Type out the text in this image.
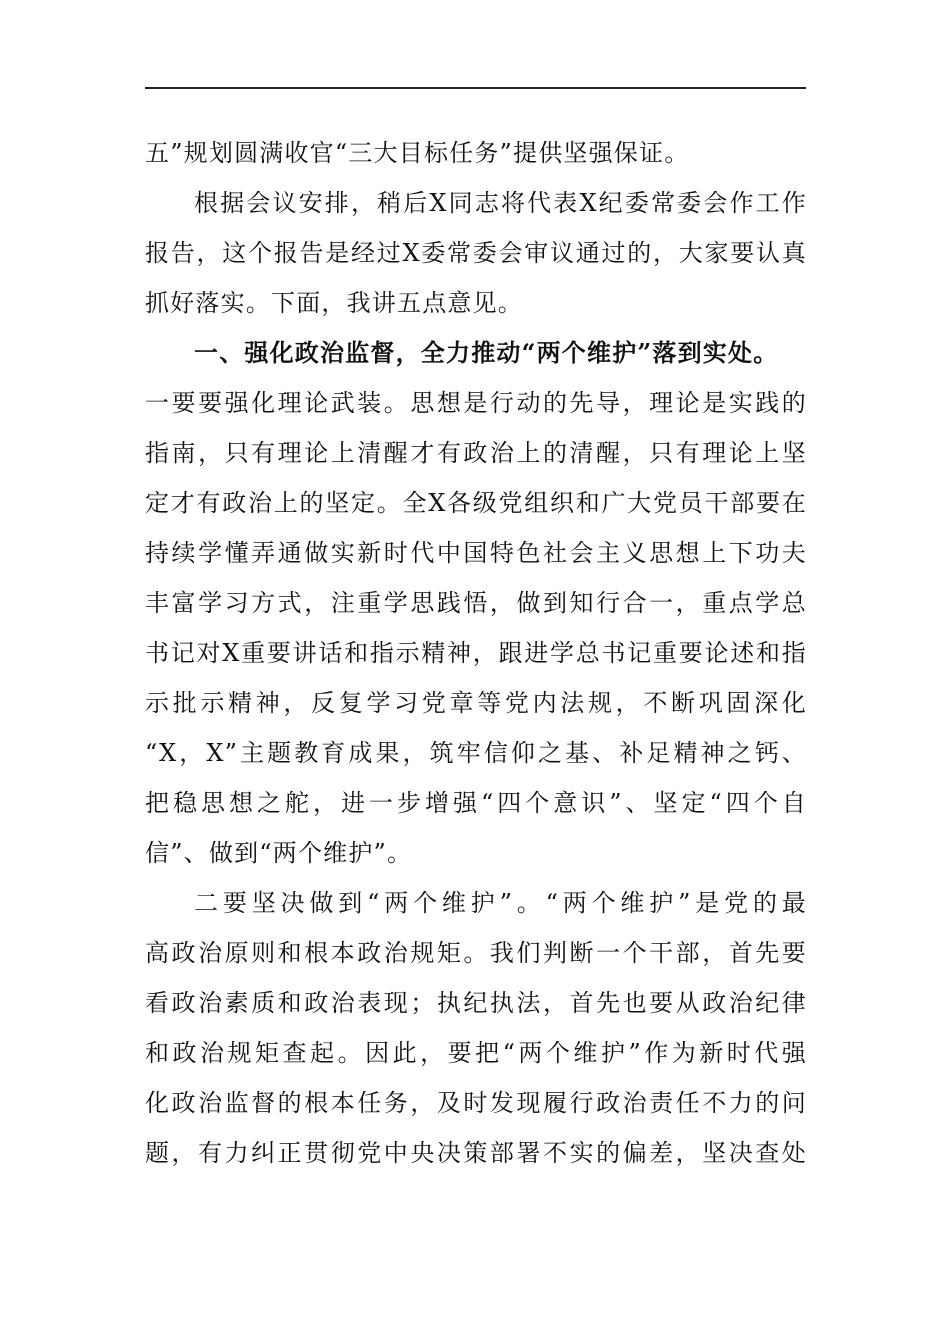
五”规划圆满收官“三大目标任务”提供坚强保证。
根据会议安排，稍后X同志将代表X纪委常委会作工作
报告，这个报告是经过X委常委会审议通过的，大家要认真
抓好落实。下面，我讲五点意见。
一、强化政治监督，全力推动“两个维护”落到实处。
一要要强化理论武装。思想是行动的先导，理论是实践的
指南，只有理论上清醒才有政治上的清醒，只有理论上坚
定才有政治上的坚定。全X各级党组织和广大党员干部要在
持续学懂弄通做实新时代中国特色社会主义思想上下功夫
丰富学习方式，注重学思践悟，做到知行合一，重点学总
书记对X重要讲话和指示精神，跟进学总书记重要论述和指
示批示精神，反复学习党章等党内法规，不断巩固深化
“X，X”主题教育成果，筑牢信仰之基、补足精神之钙、
把稳思想之舵，进一步增强“四个意识”、坚定“四个自
信”、做到“两个维护”。
二要坚决做到“两个维护”。“两个维护”是党的最
高政治原则和根本政治规矩。我们判断一个干部，首先要
看政治素质和政治表现；执纪执法，首先也要从政治纪律
和政治规矩查起。因此，要把“两个维护”作为新时代强
化政治监督的根本任务，及时发现履行政治责任不力的问
题，有力纠正贯彻党中央决策部署不实的偏差，坚决查处
